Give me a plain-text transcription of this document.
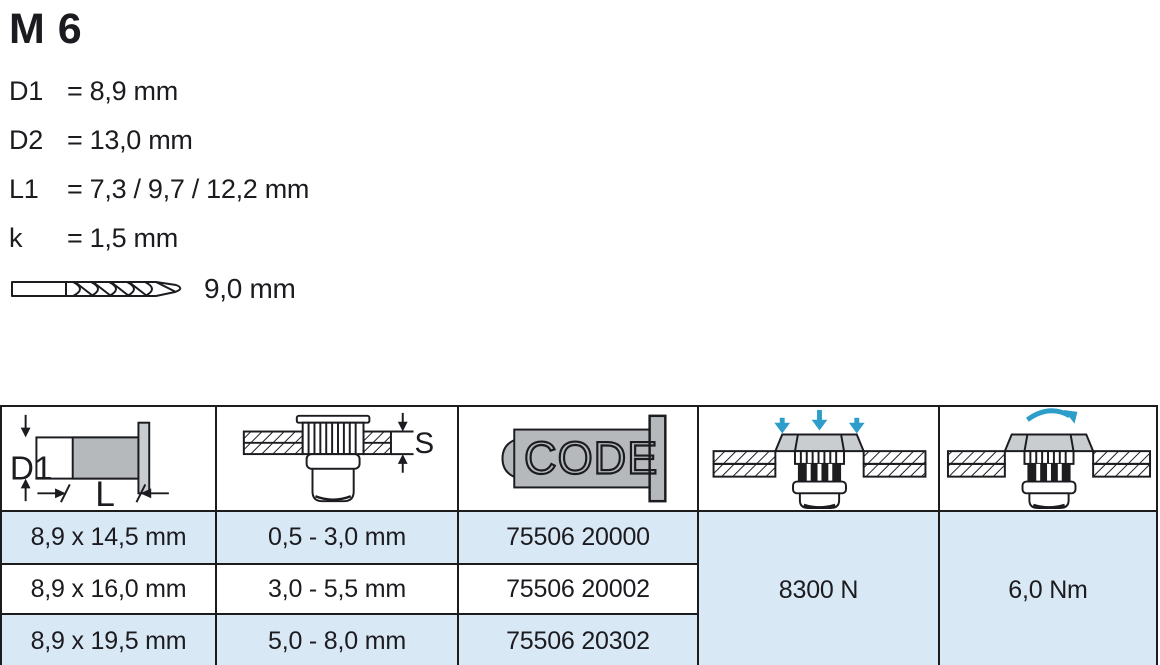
M 6
D1 = 8,9 mm
D2 = 13,0 mm
L1	= 7,3 / 9,7 / 12,2 mm
k	= 1,5 mm
9,0 mm
D1
L	S	CODE

8,9 x 14,5 mm	0,5 - 3,0 mm	75506 20000	8300 N	6,0 Nm
8,9 x 16,0 mm	3,0 - 5,5 mm	75506 20002		
8,9 x 19,5 mm	5,0 - 8,0 mm	75506 20302		
